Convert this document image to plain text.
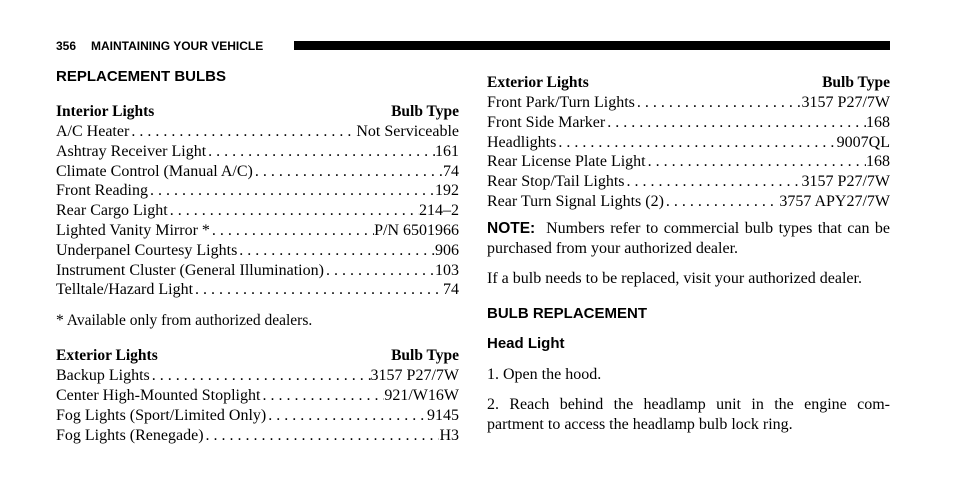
356 MAINTAINING YOUR VEHICLE
REPLACEMENT BULBS
Interior Lights	Bulb Type
A/C Heater . . .	Not Serviceable
Ashtray Receiver Light . . .	161
Climate Control (Manual A/C) . . .	74
Front Reading . . .	192
Rear Cargo Light . . .	214–2
Lighted Vanity Mirror * . . .	P/N 6501966
Underpanel Courtesy Lights . . .	906
Instrument Cluster (General Illumination) . . .	103
Telltale/Hazard Light . . .	74
* Available only from authorized dealers.
Exterior Lights	Bulb Type
Backup Lights . . .	3157 P27/7W
Center High-Mounted Stoplight . . .	921/W16W
Fog Lights (Sport/Limited Only) . . .	9145
Fog Lights (Renegade) . . .	H3
Exterior Lights	Bulb Type
Front Park/Turn Lights . . .	3157 P27/7W
Front Side Marker . . .	168
Headlights . . .	9007QL
Rear License Plate Light . . .	168
Rear Stop/Tail Lights . . .	3157 P27/7W
Rear Turn Signal Lights (2) . . .	3757 APY27/7W
NOTE: Numbers refer to commercial bulb types that can be purchased from your authorized dealer.
If a bulb needs to be replaced, visit your authorized dealer.
BULB REPLACEMENT
Head Light
1. Open the hood.
2. Reach behind the headlamp unit in the engine com- partment to access the headlamp bulb lock ring.
